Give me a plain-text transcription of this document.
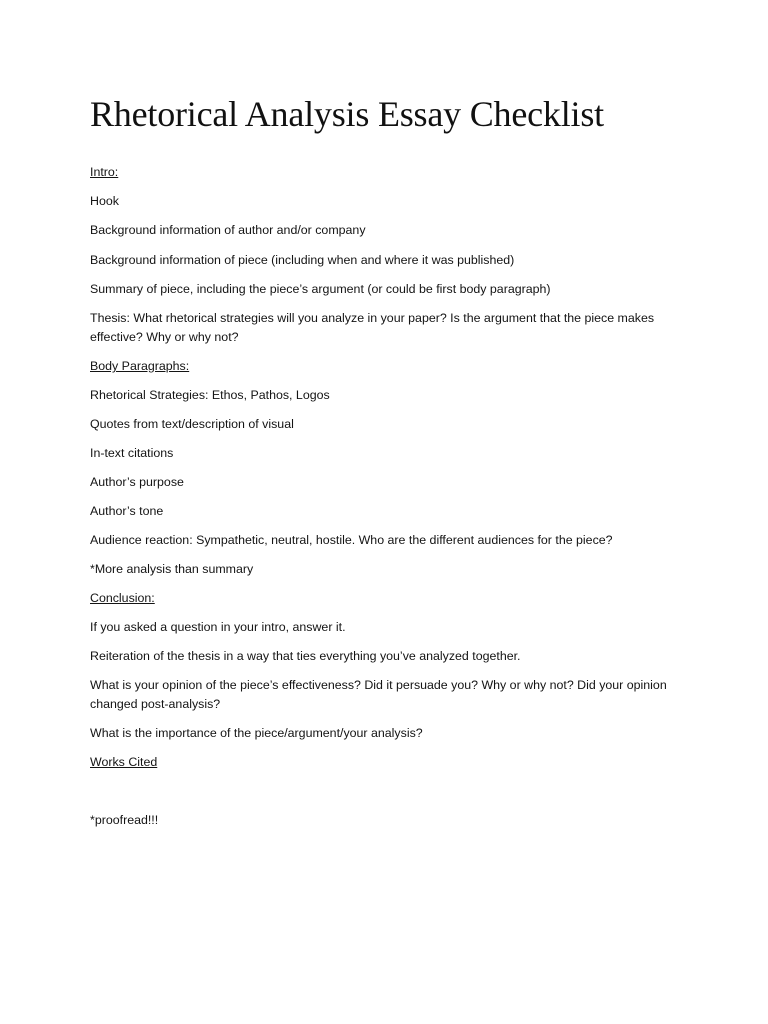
Rhetorical Analysis Essay Checklist

Intro:

Hook

Background information of author and/or company

Background information of piece (including when and where it was published)

Summary of piece, including the piece’s argument (or could be first body paragraph)

Thesis: What rhetorical strategies will you analyze in your paper? Is the argument that the piece makes effective? Why or why not?

Body Paragraphs:

Rhetorical Strategies: Ethos, Pathos, Logos

Quotes from text/description of visual

In-text citations

Author’s purpose

Author’s tone

Audience reaction: Sympathetic, neutral, hostile. Who are the different audiences for the piece?

*More analysis than summary

Conclusion:

If you asked a question in your intro, answer it.

Reiteration of the thesis in a way that ties everything you’ve analyzed together.

What is your opinion of the piece’s effectiveness? Did it persuade you? Why or why not? Did your opinion changed post-analysis?

What is the importance of the piece/argument/your analysis?

Works Cited

*proofread!!!
